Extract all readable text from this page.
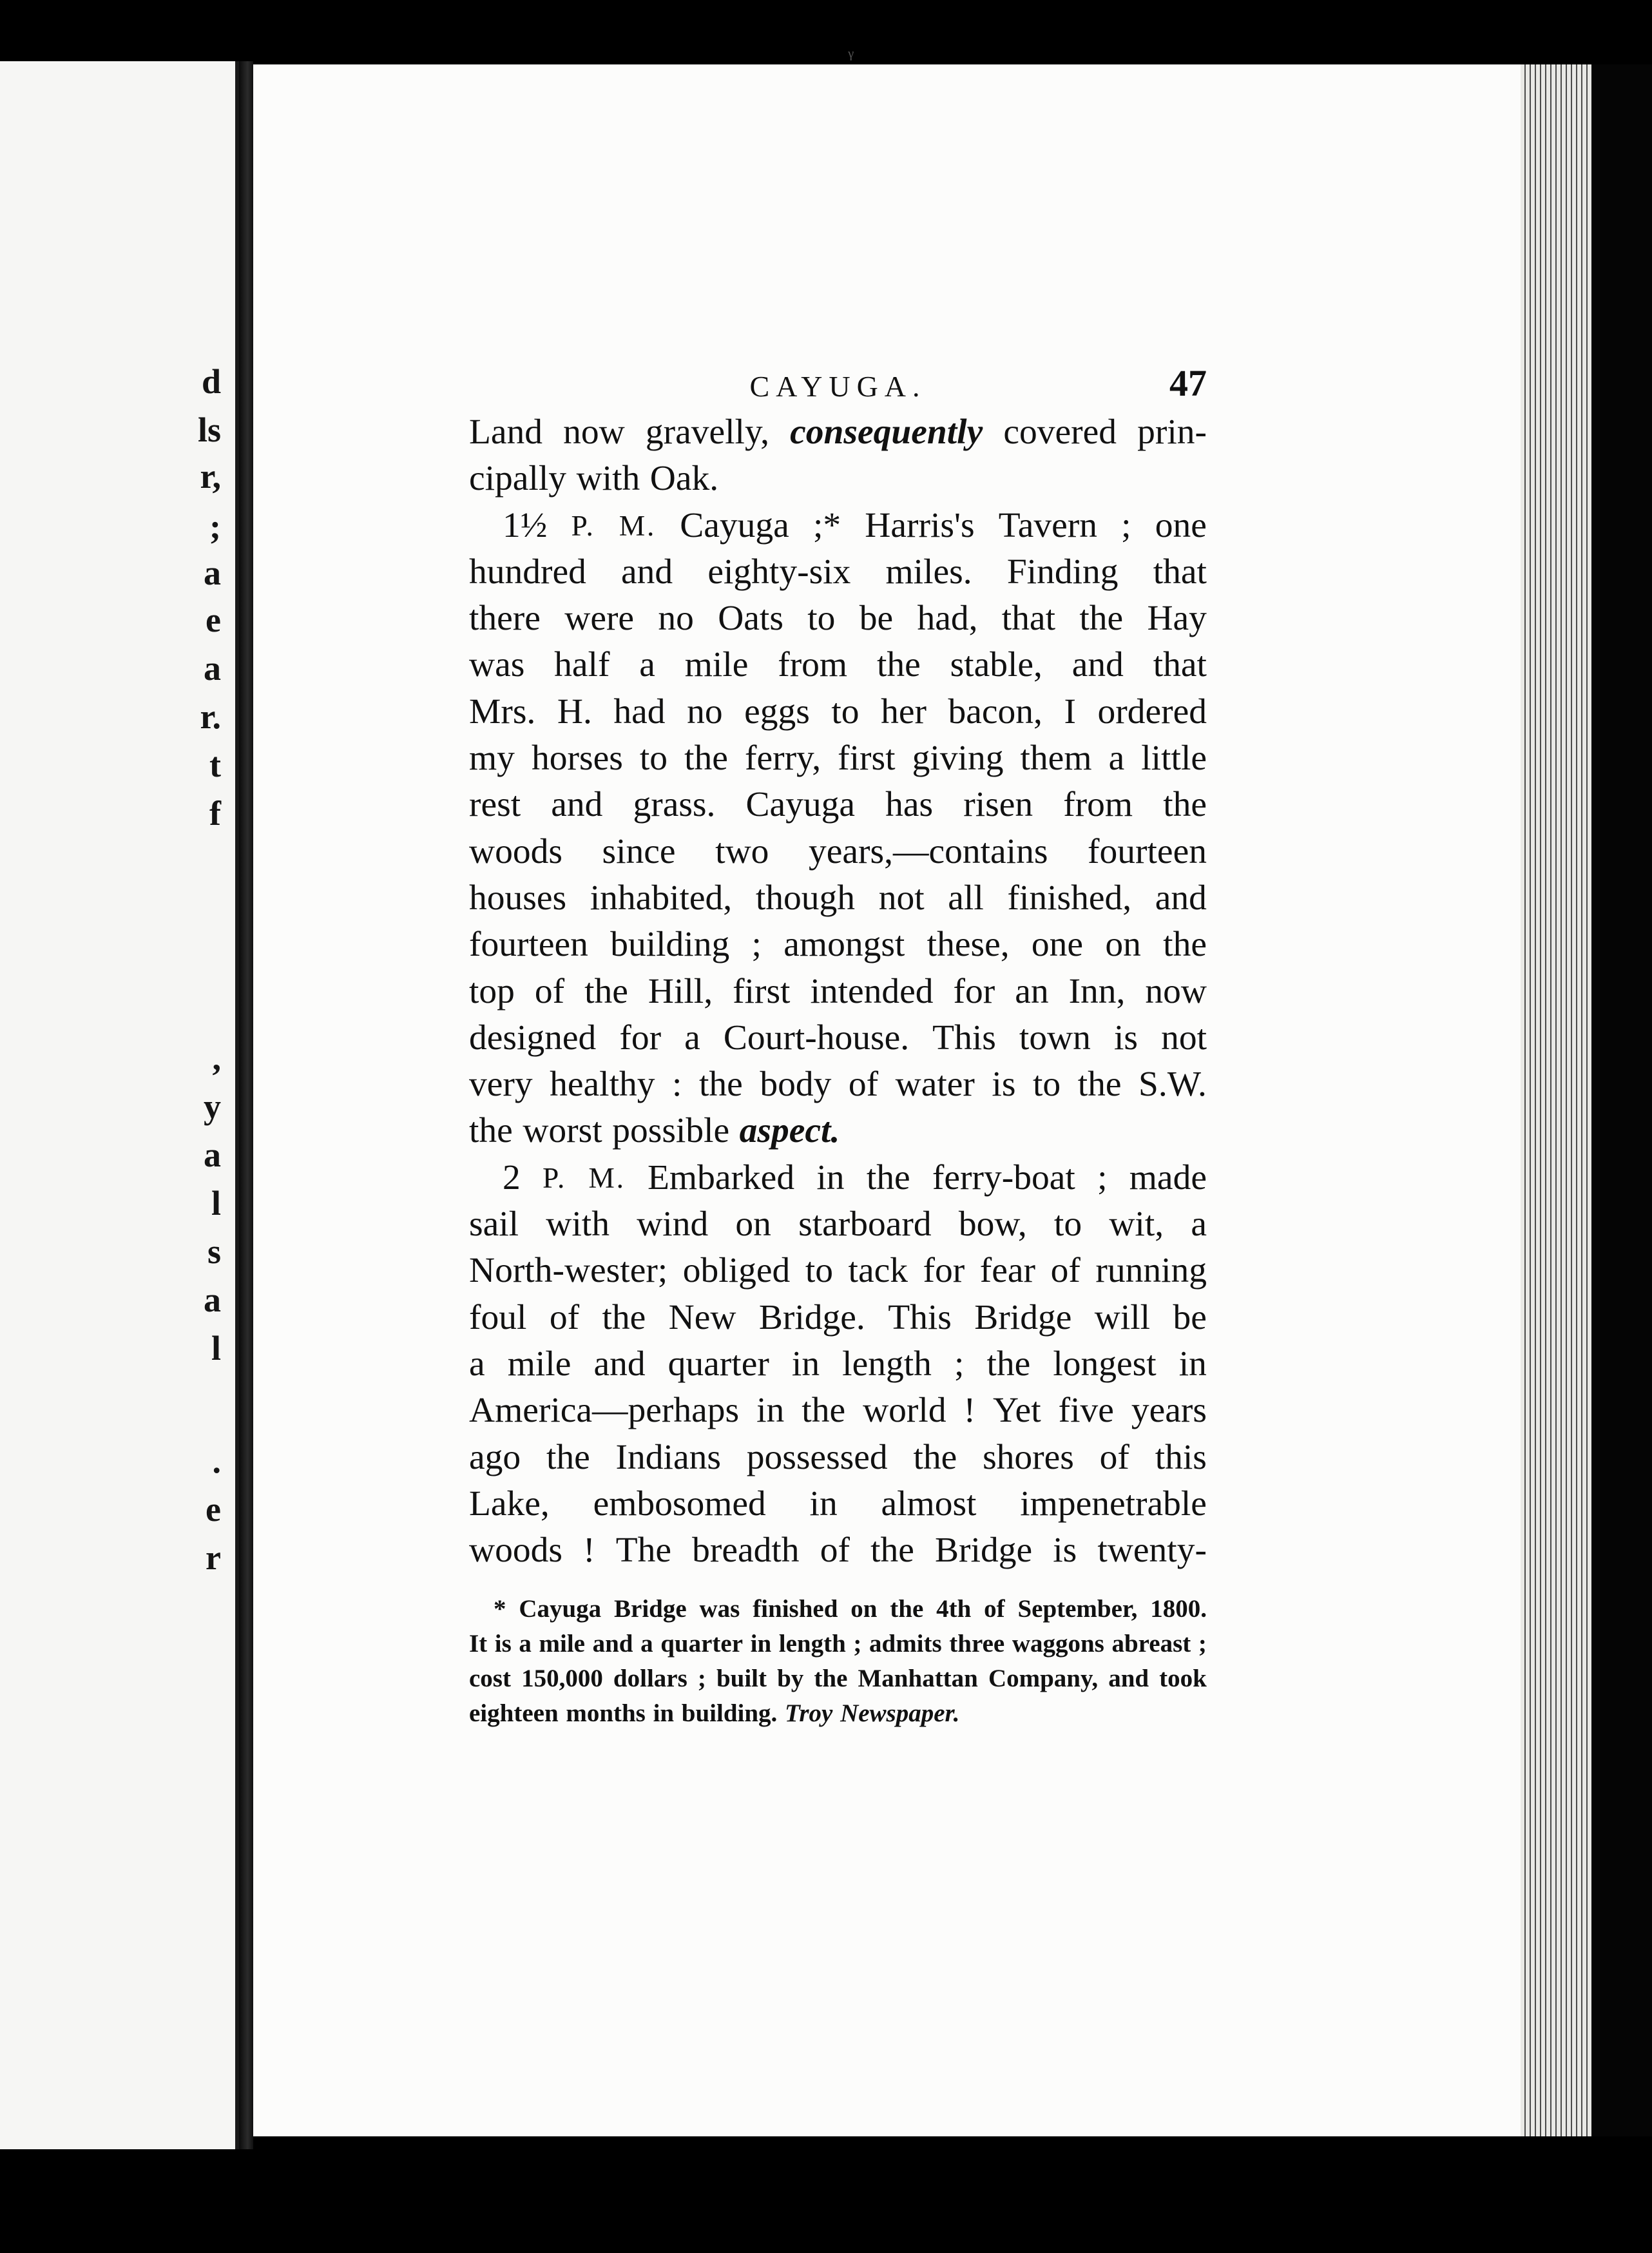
d
ls
r,
;
a
e
a
r.
t
f
,
y
a
l
s
a
l
.
e
r
ᵞ
CAYUGA.	47
Land now gravelly, consequently covered prin-
cipally with Oak.
1½ P. M. Cayuga ;* Harris's Tavern ; one
hundred and eighty-six miles. Finding that
there were no Oats to be had, that the Hay
was half a mile from the stable, and that
Mrs. H. had no eggs to her bacon, I ordered
my horses to the ferry, first giving them a little
rest and grass. Cayuga has risen from the
woods since two years,—contains fourteen
houses inhabited, though not all finished, and
fourteen building ; amongst these, one on the
top of the Hill, first intended for an Inn, now
designed for a Court-house. This town is not
very healthy : the body of water is to the S.W.
the worst possible aspect.
2 P. M. Embarked in the ferry-boat ; made
sail with wind on starboard bow, to wit, a
North-wester; obliged to tack for fear of running
foul of the New Bridge. This Bridge will be
a mile and quarter in length ; the longest in
America—perhaps in the world ! Yet five years
ago the Indians possessed the shores of this
Lake, embosomed in almost impenetrable
woods ! The breadth of the Bridge is twenty-
* Cayuga Bridge was finished on the 4th of September, 1800.
It is a mile and a quarter in length ; admits three waggons abreast ;
cost 150,000 dollars ; built by the Manhattan Company, and took
eighteen months in building. Troy Newspaper.
